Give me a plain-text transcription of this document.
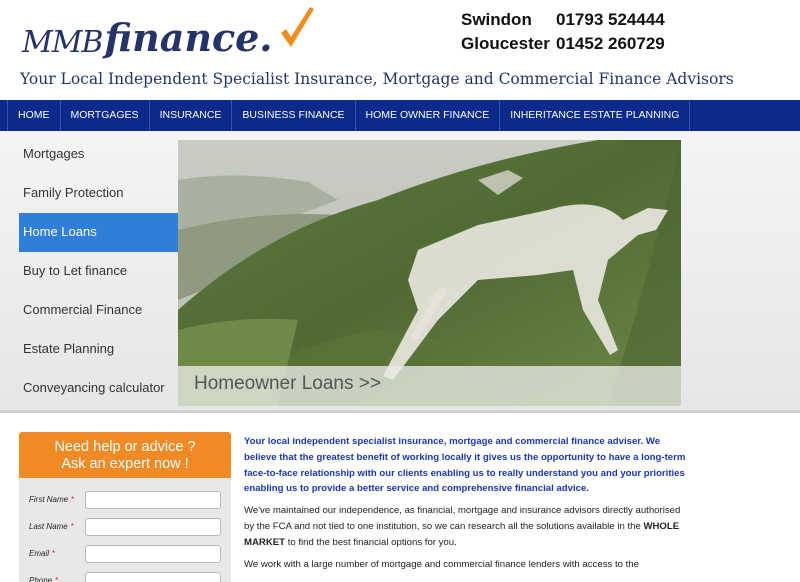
MMB finance.	Swindon	01793 524444
Gloucester 01452 260729
Your Local Independent Specialist Insurance, Mortgage and Commercial Finance Advisors
HOME	MORTGAGES	INSURANCE	BUSINESS FINANCE	HOME OWNER FINANCE	INHERITANCE ESTATE PLANNING
Mortgages
Family Protection
Home Loans
Buy to Let finance
Commercial Finance
Estate Planning
Conveyancing calculator	Homeowner Loans >>
Need help or advice ?
Ask an expert now !
First Name *
Last Name *
Email *
Phone *

Your local independent specialist insurance, mortgage and commercial finance adviser. We believe that the greatest benefit of working locally it gives us the opportunity to have a long-term face-to-face relationship with our clients enabling us to really understand you and your priorities enabling us to provide a better service and comprehensive financial advice.

We've maintained our independence, as financial, mortgage and insurance advisors directly authorised by the FCA and not tied to one institution, so we can research all the solutions available in the WHOLE MARKET to find the best financial options for you.

We work with a large number of mortgage and commercial finance lenders with access to the
